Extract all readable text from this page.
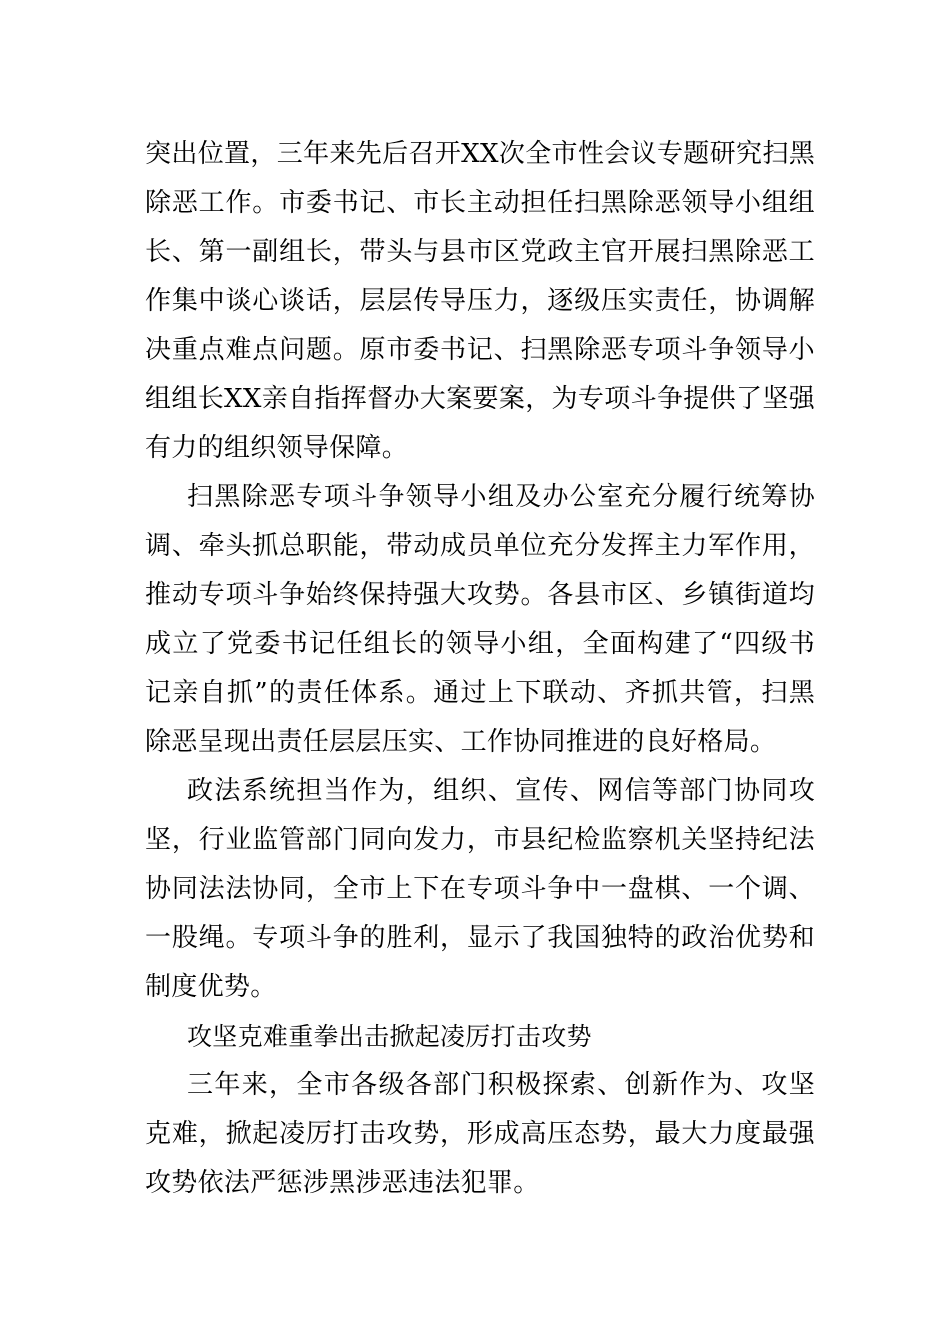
突出位置，三年来先后召开XX次全市性会议专题研究扫黑除恶工作。市委书记、市长主动担任扫黑除恶领导小组组长、第一副组长，带头与县市区党政主官开展扫黑除恶工作集中谈心谈话，层层传导压力，逐级压实责任，协调解决重点难点问题。原市委书记、扫黑除恶专项斗争领导小组组长XX亲自指挥督办大案要案，为专项斗争提供了坚强有力的组织领导保障。

扫黑除恶专项斗争领导小组及办公室充分履行统筹协调、牵头抓总职能，带动成员单位充分发挥主力军作用，推动专项斗争始终保持强大攻势。各县市区、乡镇街道均成立了党委书记任组长的领导小组，全面构建了“四级书记亲自抓”的责任体系。通过上下联动、齐抓共管，扫黑除恶呈现出责任层层压实、工作协同推进的良好格局。

政法系统担当作为，组织、宣传、网信等部门协同攻坚，行业监管部门同向发力，市县纪检监察机关坚持纪法协同法法协同，全市上下在专项斗争中一盘棋、一个调、一股绳。专项斗争的胜利，显示了我国独特的政治优势和制度优势。

攻坚克难重拳出击掀起凌厉打击攻势

三年来，全市各级各部门积极探索、创新作为、攻坚克难，掀起凌厉打击攻势，形成高压态势，最大力度最强攻势依法严惩涉黑涉恶违法犯罪。
